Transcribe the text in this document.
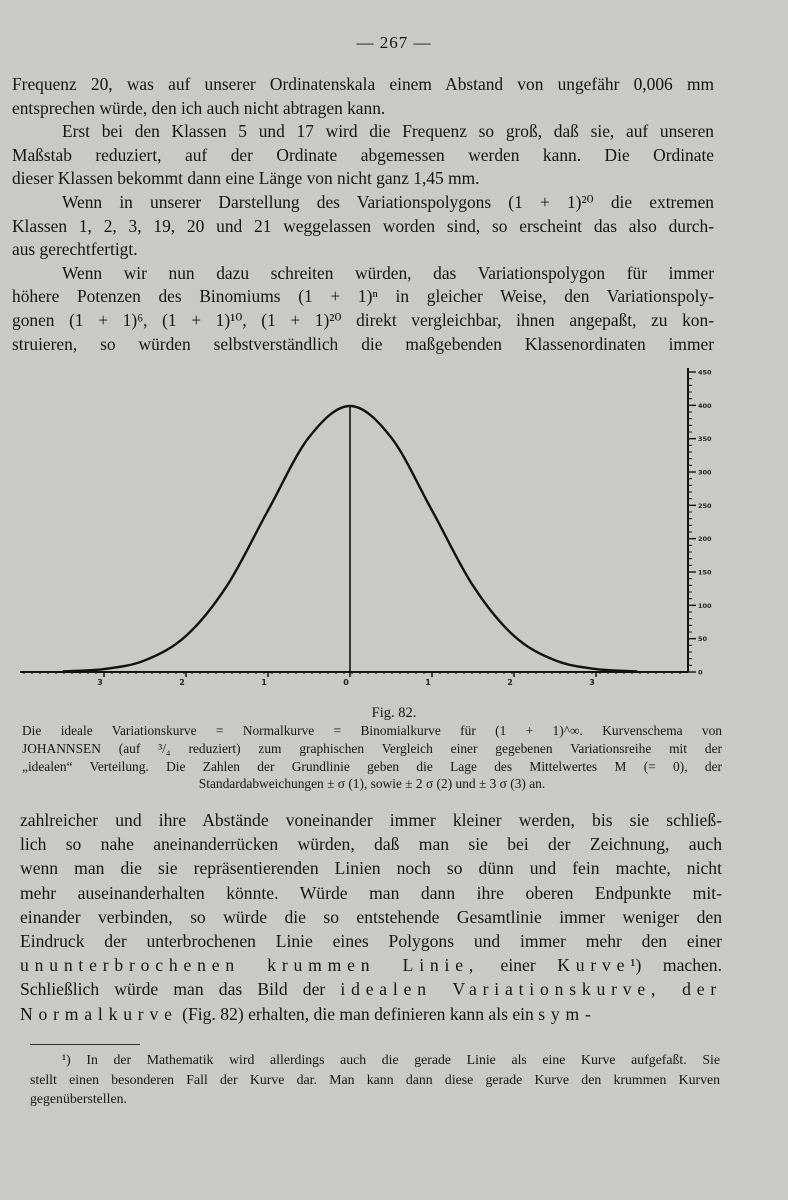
— 267 —
Frequenz 20, was auf unserer Ordinatenskala einem Abstand von ungefähr 0,006 mm
entsprechen würde, den ich auch nicht abtragen kann.
Erst bei den Klassen 5 und 17 wird die Frequenz so groß, daß sie, auf unseren
Maßstab reduziert, auf der Ordinate abgemessen werden kann. Die Ordinate
dieser Klassen bekommt dann eine Länge von nicht ganz 1,45 mm.
Wenn in unserer Darstellung des Variationspolygons (1 + 1)²⁰ die extremen
Klassen 1, 2, 3, 19, 20 und 21 weggelassen worden sind, so erscheint das also durch-
aus gerechtfertigt.
Wenn wir nun dazu schreiten würden, das Variationspolygon für immer
höhere Potenzen des Binomiums (1 + 1)ⁿ in gleicher Weise, den Variationspoly-
gonen (1 + 1)⁶, (1 + 1)¹⁰, (1 + 1)²⁰ direkt vergleichbar, ihnen angepaßt, zu kon-
struieren, so würden selbstverständlich die maßgebenden Klassenordinaten immer
3	2	1	0	1	2	3
0
50
100
150
200
250
300
350
400
450
Fig. 82.
Die ideale Variationskurve = Normalkurve = Binomialkurve für (1 + 1)^∞. Kurvenschema von
JOHANNSEN (auf ³/₄ reduziert) zum graphischen Vergleich einer gegebenen Variationsreihe mit der
„idealen“ Verteilung. Die Zahlen der Grundlinie geben die Lage des Mittelwertes M (= 0), der
Standardabweichungen ± σ (1), sowie ± 2 σ (2) und ± 3 σ (3) an.
zahlreicher und ihre Abstände voneinander immer kleiner werden, bis sie schließ-
lich so nahe aneinanderrücken würden, daß man sie bei der Zeichnung, auch
wenn man die sie repräsentierenden Linien noch so dünn und fein machte, nicht
mehr auseinanderhalten könnte. Würde man dann ihre oberen Endpunkte mit-
einander verbinden, so würde die so entstehende Gesamtlinie immer weniger den
Eindruck der unterbrochenen Linie eines Polygons und immer mehr den einer
ununterbrochenen krummen Linie, einer Kurve¹) machen.
Schließlich würde man das Bild der idealen Variationskurve, der
Normalkurve (Fig. 82) erhalten, die man definieren kann als ein sym-
¹) In der Mathematik wird allerdings auch die gerade Linie als eine Kurve aufgefaßt. Sie
stellt einen besonderen Fall der Kurve dar. Man kann dann diese gerade Kurve den krummen Kurven
gegenüberstellen.
